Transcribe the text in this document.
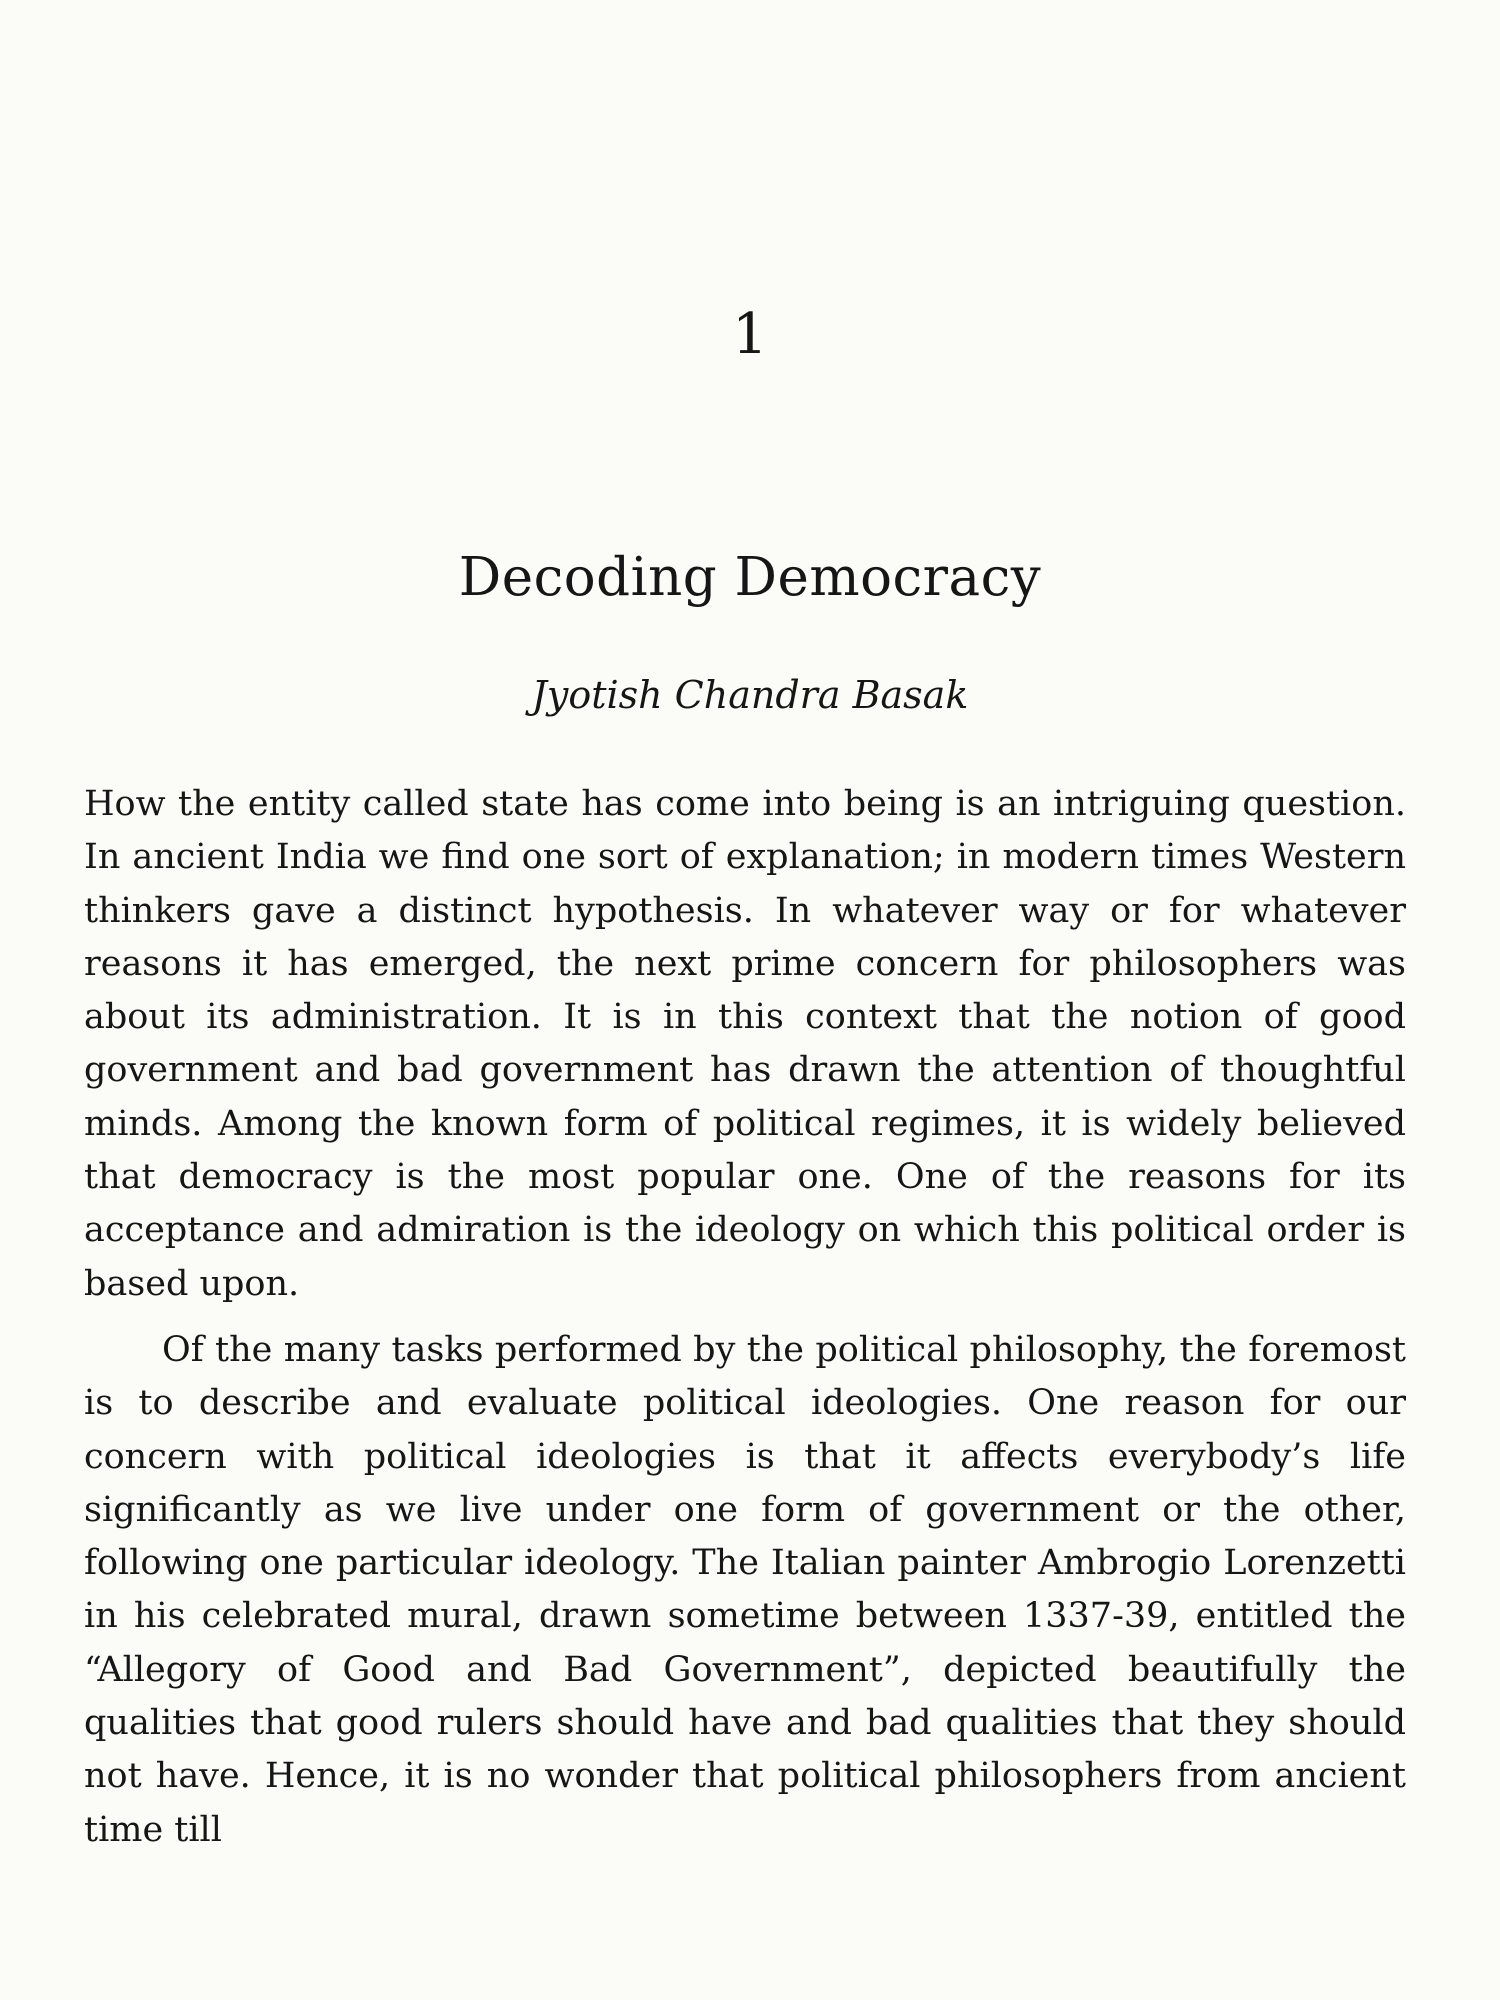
1
Decoding Democracy

Jyotish Chandra Basak

How the entity called state has come into being is an intriguing question. In ancient India we find one sort of explanation; in modern times Western thinkers gave a distinct hypothesis. In whatever way or for whatever reasons it has emerged, the next prime concern for philosophers was about its administration. It is in this context that the notion of good government and bad government has drawn the attention of thoughtful minds. Among the known form of political regimes, it is widely believed that democracy is the most popular one. One of the reasons for its acceptance and admiration is the ideology on which this political order is based upon.

Of the many tasks performed by the political philosophy, the foremost is to describe and evaluate political ideologies. One reason for our concern with political ideologies is that it affects everybody’s life significantly as we live under one form of government or the other, following one particular ideology. The Italian painter Ambrogio Lorenzetti in his celebrated mural, drawn sometime between 1337-39, entitled the “Allegory of Good and Bad Government”, depicted beautifully the qualities that good rulers should have and bad qualities that they should not have. Hence, it is no wonder that political philosophers from ancient time till
